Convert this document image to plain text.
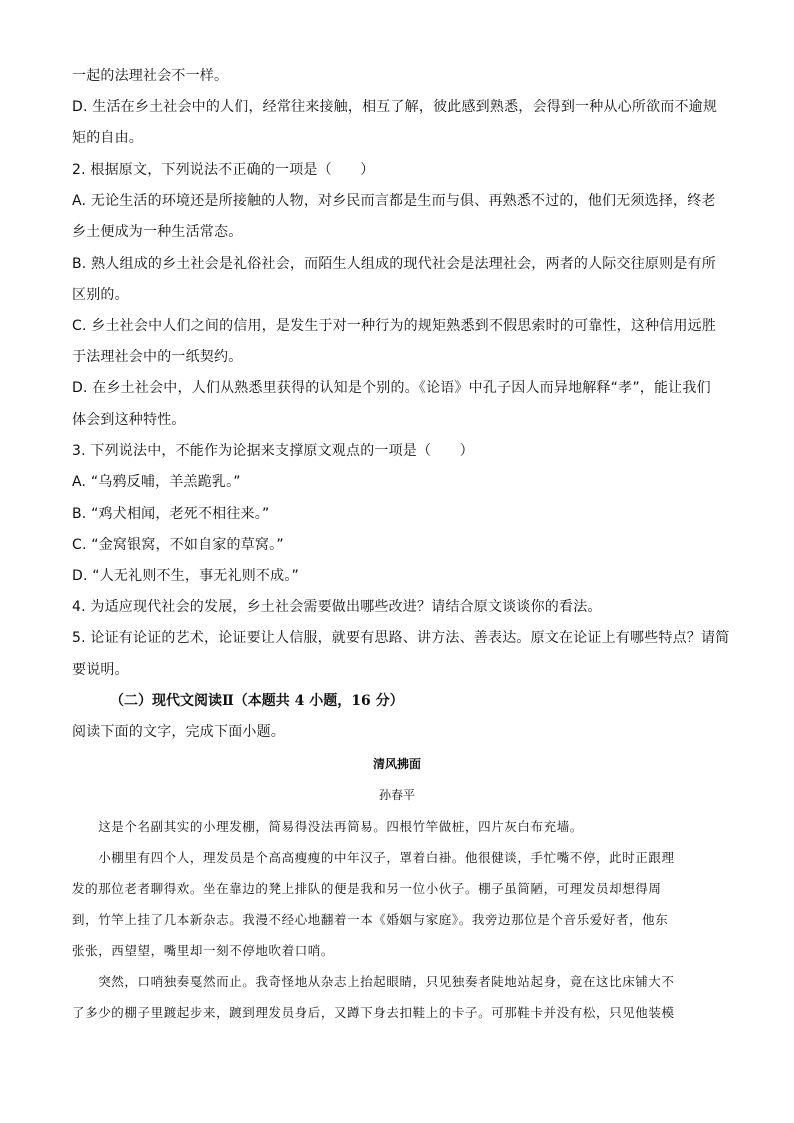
一起的法理社会不一样。
D. 生活在乡土社会中的人们，经常往来接触，相互了解，彼此感到熟悉，会得到一种从心所欲而不逾规
矩的自由。
2. 根据原文，下列说法不正确的一项是（　　）
A. 无论生活的环境还是所接触的人物，对乡民而言都是生而与俱、再熟悉不过的，他们无须选择，终老
乡土便成为一种生活常态。
B. 熟人组成的乡土社会是礼俗社会，而陌生人组成的现代社会是法理社会，两者的人际交往原则是有所
区别的。
C. 乡土社会中人们之间的信用，是发生于对一种行为的规矩熟悉到不假思索时的可靠性，这种信用远胜
于法理社会中的一纸契约。
D. 在乡土社会中，人们从熟悉里获得的认知是个别的。《论语》中孔子因人而异地解释“孝”，能让我们
体会到这种特性。
3. 下列说法中，不能作为论据来支撑原文观点的一项是（　　）
A. “乌鸦反哺，羊羔跪乳。”
B. “鸡犬相闻，老死不相往来。”
C. “金窝银窝，不如自家的草窝。”
D. “人无礼则不生，事无礼则不成。”
4. 为适应现代社会的发展，乡土社会需要做出哪些改进？请结合原文谈谈你的看法。
5. 论证有论证的艺术，论证要让人信服，就要有思路、讲方法、善表达。原文在论证上有哪些特点？请简
要说明。
（二）现代文阅读Ⅱ（本题共 4 小题，16 分）
阅读下面的文字，完成下面小题。
清风拂面
孙春平
　　这是个名副其实的小理发棚，简易得没法再简易。四根竹竿做桩，四片灰白布充墙。
　　小棚里有四个人，理发员是个高高瘦瘦的中年汉子，罩着白褂。他很健谈，手忙嘴不停，此时正跟理
发的那位老者聊得欢。坐在靠边的凳上排队的便是我和另一位小伙子。棚子虽简陋，可理发员却想得周
到，竹竿上挂了几本新杂志。我漫不经心地翻着一本《婚姻与家庭》。我旁边那位是个音乐爱好者，他东
张张，西望望，嘴里却一刻不停地吹着口哨。
　　突然，口哨独奏戛然而止。我奇怪地从杂志上抬起眼睛，只见独奏者陡地站起身，竟在这比床铺大不
了多少的棚子里踱起步来，踱到理发员身后，又蹲下身去扣鞋上的卡子。可那鞋卡并没有松，只见他装模
